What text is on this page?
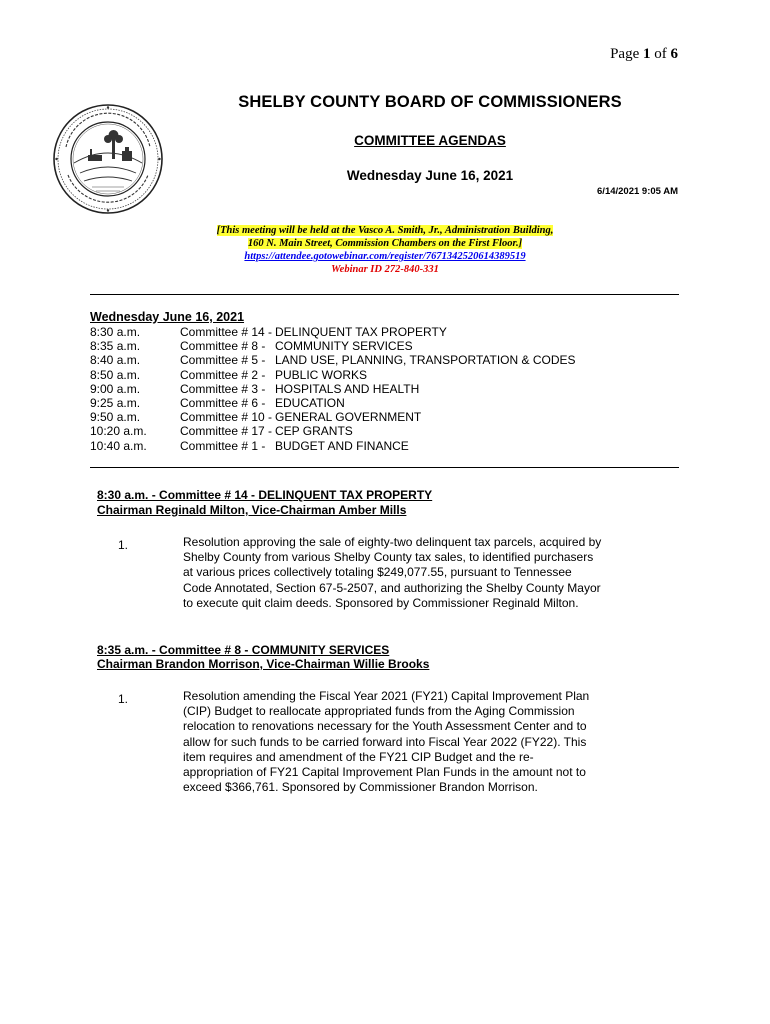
Page 1 of 6
SHELBY COUNTY BOARD OF COMMISSIONERS
COMMITTEE AGENDAS
Wednesday June 16, 2021
6/14/2021 9:05 AM
[This meeting will be held at the Vasco A. Smith, Jr., Administration Building,
160 N. Main Street, Commission Chambers on the First Floor.]
https://attendee.gotowebinar.com/register/7671342520614389519
Webinar ID 272-840-331
Wednesday June 16, 2021
8:30 a.m.	Committee # 14 - DELINQUENT TAX PROPERTY
8:35 a.m.	Committee # 8 - COMMUNITY SERVICES
8:40 a.m.	Committee # 5 - LAND USE, PLANNING, TRANSPORTATION & CODES
8:50 a.m.	Committee # 2 - PUBLIC WORKS
9:00 a.m.	Committee # 3 - HOSPITALS AND HEALTH
9:25 a.m.	Committee # 6 - EDUCATION
9:50 a.m.	Committee # 10 - GENERAL GOVERNMENT
10:20 a.m.	Committee # 17 - CEP GRANTS
10:40 a.m.	Committee # 1 - BUDGET AND FINANCE
8:30 a.m. - Committee # 14 - DELINQUENT TAX PROPERTY
Chairman Reginald Milton, Vice-Chairman Amber Mills
1.	Resolution approving the sale of eighty-two delinquent tax parcels, acquired by Shelby County from various Shelby County tax sales, to identified purchasers at various prices collectively totaling $249,077.55, pursuant to Tennessee Code Annotated, Section 67-5-2507, and authorizing the Shelby County Mayor to execute quit claim deeds. Sponsored by Commissioner Reginald Milton.
8:35 a.m. - Committee # 8 - COMMUNITY SERVICES
Chairman Brandon Morrison, Vice-Chairman Willie Brooks
1.	Resolution amending the Fiscal Year 2021 (FY21) Capital Improvement Plan (CIP) Budget to reallocate appropriated funds from the Aging Commission relocation to renovations necessary for the Youth Assessment Center and to allow for such funds to be carried forward into Fiscal Year 2022 (FY22). This item requires and amendment of the FY21 CIP Budget and the re-appropriation of FY21 Capital Improvement Plan Funds in the amount not to exceed $366,761. Sponsored by Commissioner Brandon Morrison.
